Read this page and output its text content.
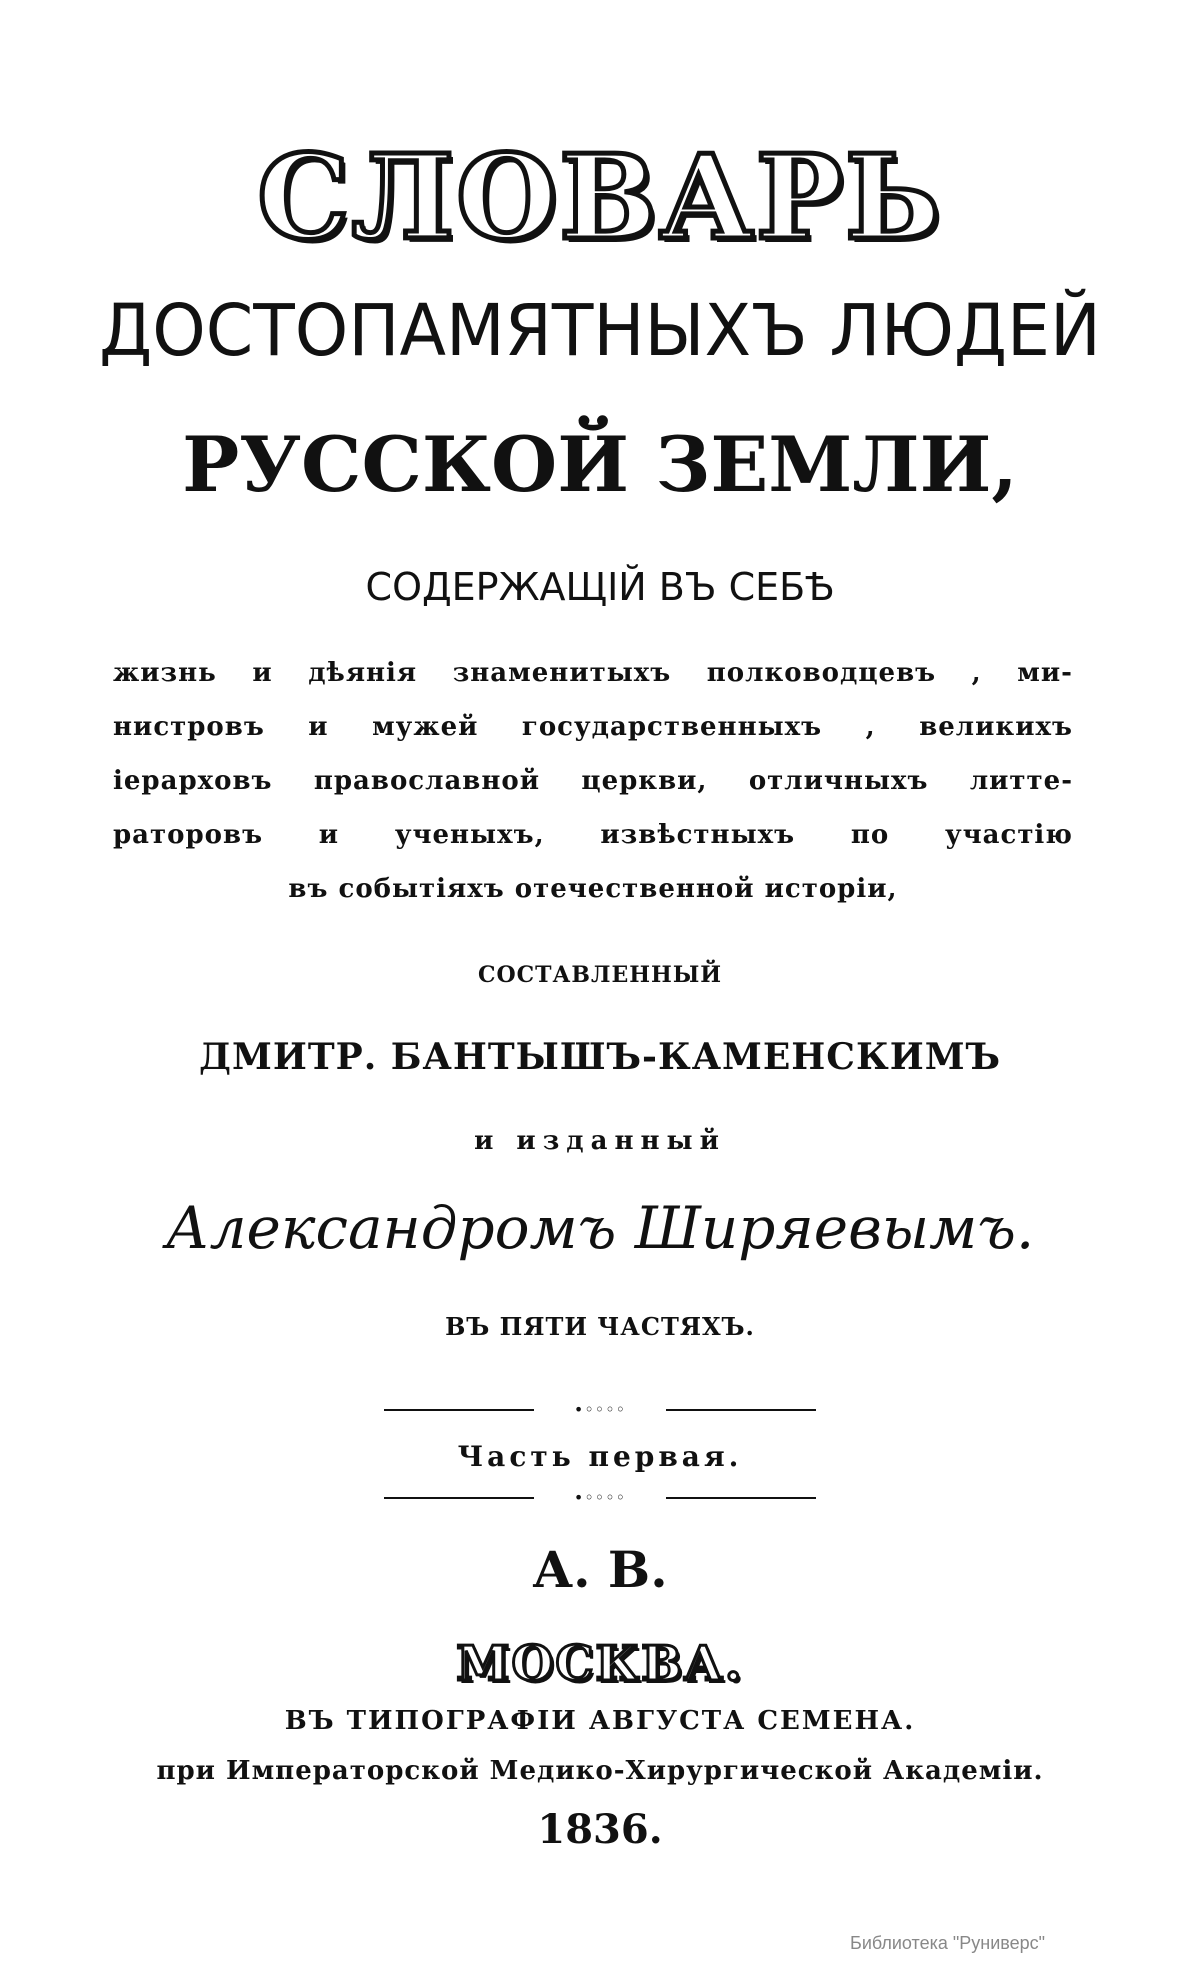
СЛОВАРЬ
ДОСТОПАМЯТНЫХЪ ЛЮДЕЙ
РУССКОЙ ЗЕМЛИ,
СОДЕРЖАЩІЙ ВЪ СЕБѢ
жизнь и дѣянія знаменитыхъ полководцевъ , ми-
нистровъ и мужей государственныхъ , великихъ
іерарховъ православной церкви, отличныхъ литте-
раторовъ и ученыхъ, извѣстныхъ по участію
въ событіяхъ отечественной исторіи,
СОСТАВЛЕННЫЙ
ДМИТР. БАНТЫШЪ-КАМЕНСКИМЪ
и изданный
Александромъ Ширяевымъ.
ВЪ ПЯТИ ЧАСТЯХЪ.
•◦◦◦◦
Часть первая.
•◦◦◦◦
А. В.
МОСКВА.
ВЪ ТИПОГРАФІИ АВГУСТА СЕМЕНА.
при Императорской Медико-Хирургической Академіи.
1836.
Библиотека "Руниверс"
